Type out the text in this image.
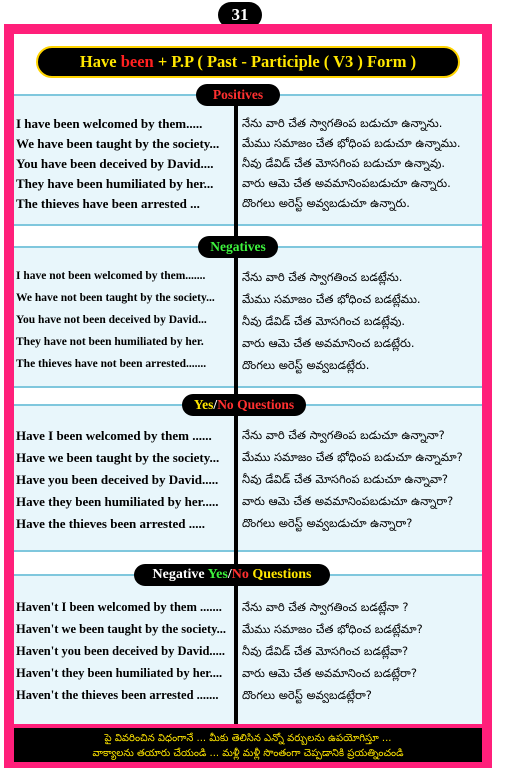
31
Have been + P.P ( Past - Participle ( V3 ) Form )
Positives
I have been welcomed by them.....	నేను వారి చేత స్వాగతింప బడుచూ ఉన్నాను.
We have been taught by the society...	మేము సమాజం చేత భోధింప బడుచూ ఉన్నాము.
You have been deceived by David....	నీవు డేవిడ్ చేత మోసగింప బడుచూ ఉన్నావు.
They have been humiliated by her...	వారు ఆమె చేత అవమానింపబడుచూ ఉన్నారు.
The thieves have been arrested ...	దొంగలు అరెస్ట్ అవ్వబడుచూ ఉన్నారు.
Negatives
I have not been welcomed by them.......	నేను వారి చేత స్వాగతించ బడట్లేను.
We have not been taught by the society...	మేము సమాజం చేత భోధించ బడట్లేము.
You have not been deceived by David...	నీవు డేవిడ్ చేత మోసగించ బడట్లేవు.
They have not been humiliated by her.	వారు ఆమె చేత అవమానించ బడట్లేరు.
The thieves have not been arrested.......	దొంగలు అరెస్ట్ అవ్వబడట్లేరు.
Yes/No Questions
Have I been welcomed by them ......	నేను వారి చేత స్వాగతింప బడుచూ ఉన్నానా?
Have we been taught by the society...	మేము సమాజం చేత భోధింప బడుచూ ఉన్నామా?
Have you been deceived by David.....	నీవు డేవిడ్ చేత మోసగింప బడుచూ ఉన్నావా?
Have they been humiliated by her.....	వారు ఆమె చేత అవమానింపబడుచూ ఉన్నారా?
Have the thieves been arrested .....	దొంగలు అరెస్ట్ అవ్వబడుచూ ఉన్నారా?
Negative Yes/No Questions
Haven't I been welcomed by them .......	నేను వారి చేత స్వాగతించ బడట్లేనా ?
Haven't we been taught by the society...	మేము సమాజం చేత భోధించ బడట్లేమా?
Haven't you been deceived by David.....	నీవు డేవిడ్ చేత మోసగించ బడట్లేవా?
Haven't they been humiliated by her....	వారు ఆమె చేత అవమానించ బడట్లేరా?
Haven't the thieves been arrested .......	దొంగలు అరెస్ట్ అవ్వబడట్లేరా?
పై వివరించిన విధంగానే ... మీకు తెలిసిన ఎన్నో వర్బులను ఉపయోగిస్తూ ...
వాక్యాలను తయారు చేయండి ... మళ్లీ మళ్లీ సొంతంగా చెప్పడానికి ప్రయత్నించండి
